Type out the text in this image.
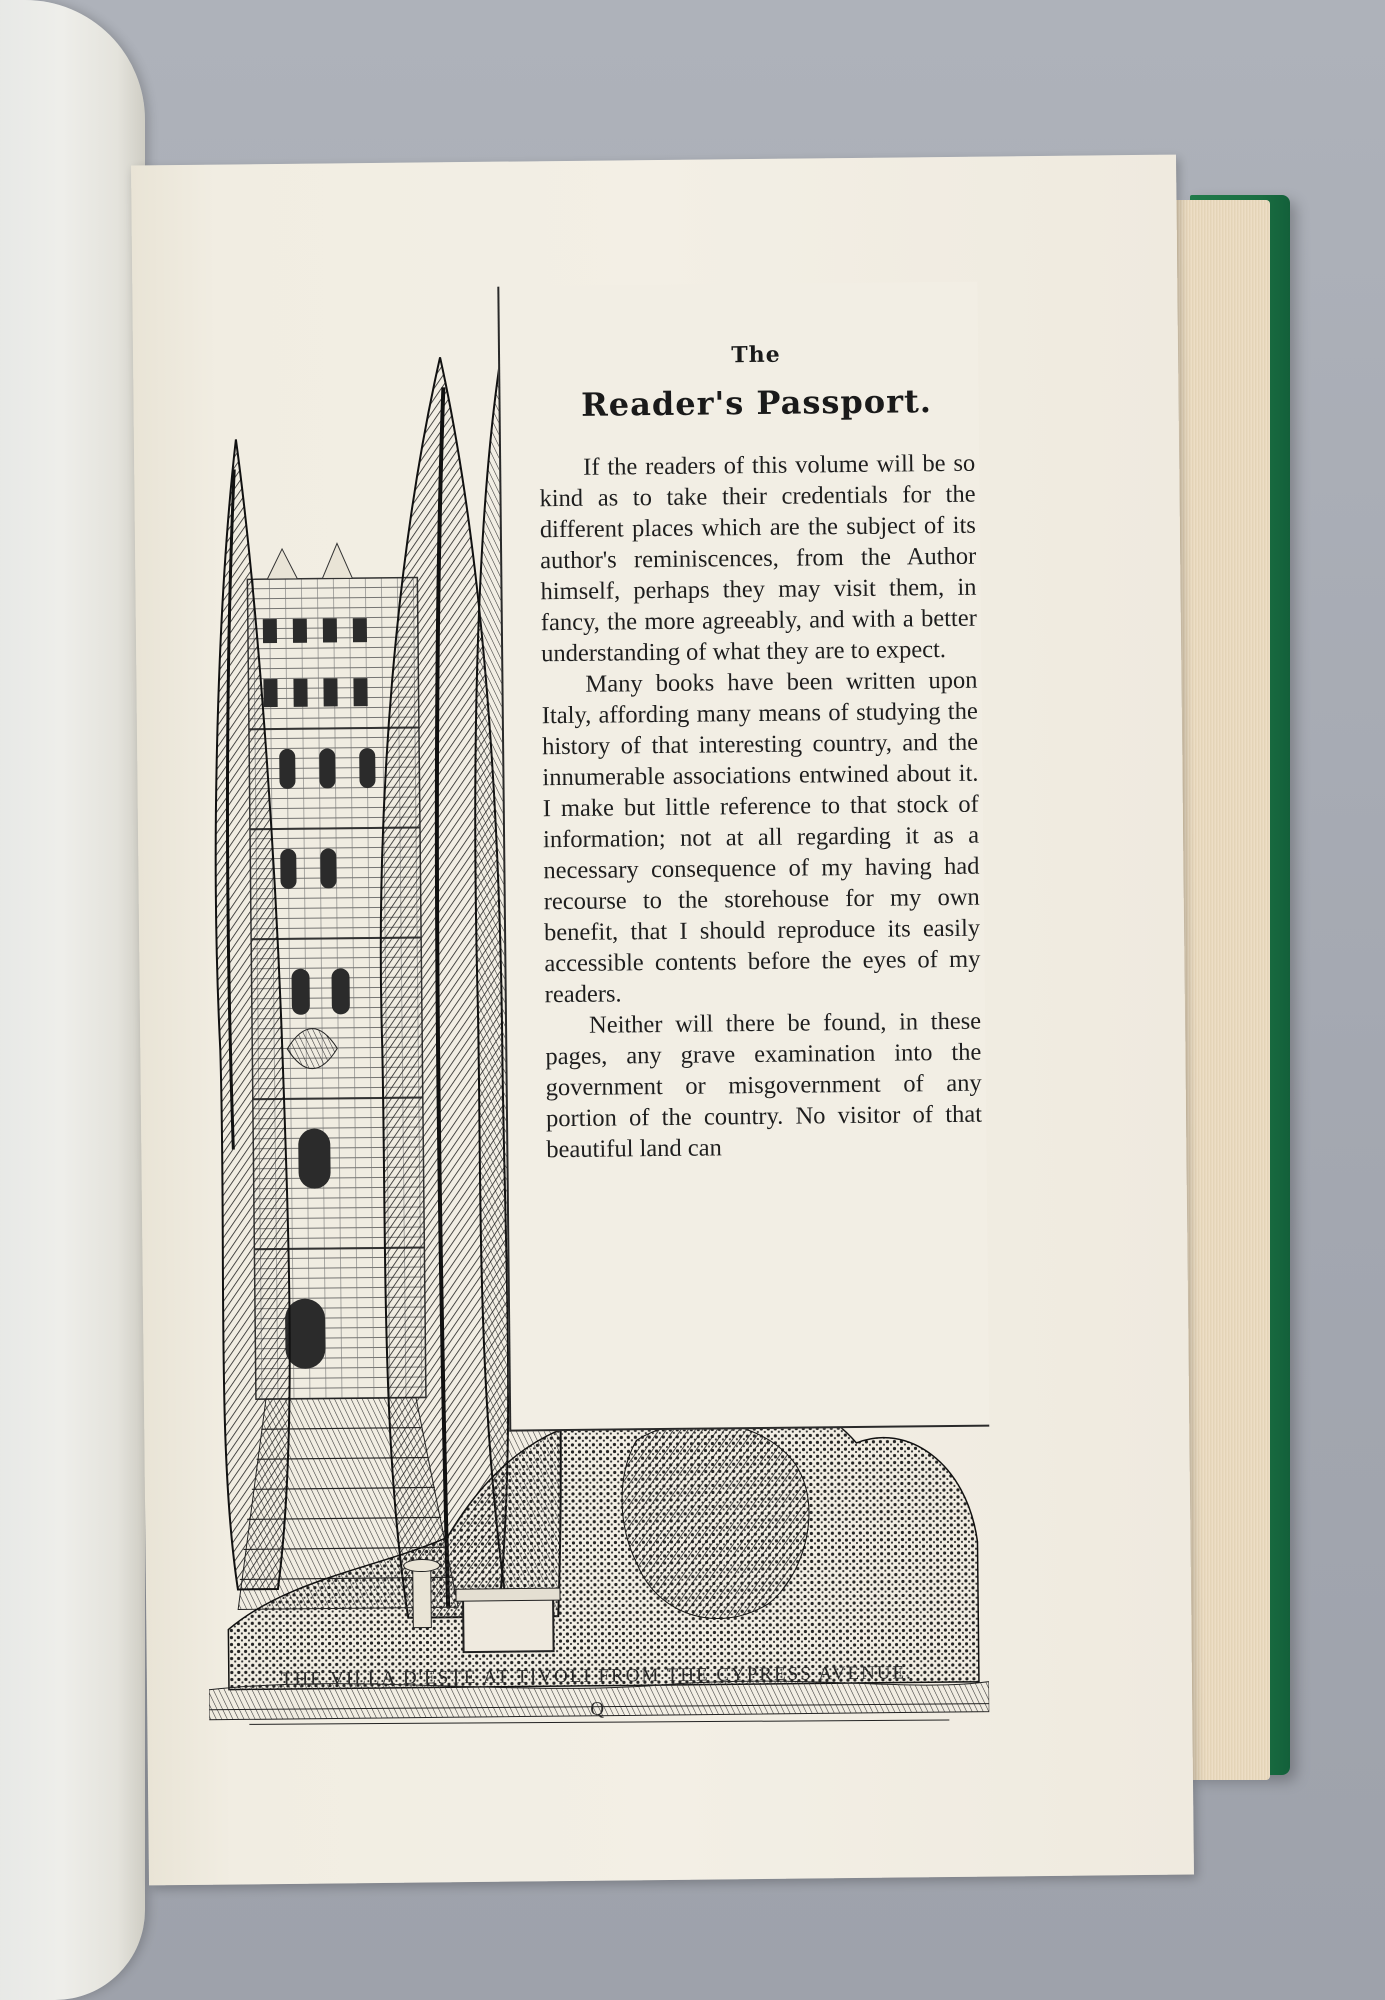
The
Reader's Passport.

If the readers of this volume will be so kind as to take their credentials for the different places which are the subject of its author's reminiscences, from the Author himself, perhaps they may visit them, in fancy, the more agreeably, and with a better understanding of what they are to expect.

Many books have been written upon Italy, affording many means of studying the history of that interesting country, and the innumerable associations entwined about it. I make but little reference to that stock of information; not at all regarding it as a necessary consequence of my having had recourse to the storehouse for my own benefit, that I should reproduce its easily accessible contents before the eyes of my readers.

Neither will there be found, in these pages, any grave examination into the government or misgovernment of any portion of the country. No visitor of that beautiful land can

THE VILLA D'ESTE AT TIVOLI FROM THE CYPRESS AVENUE.
Q
